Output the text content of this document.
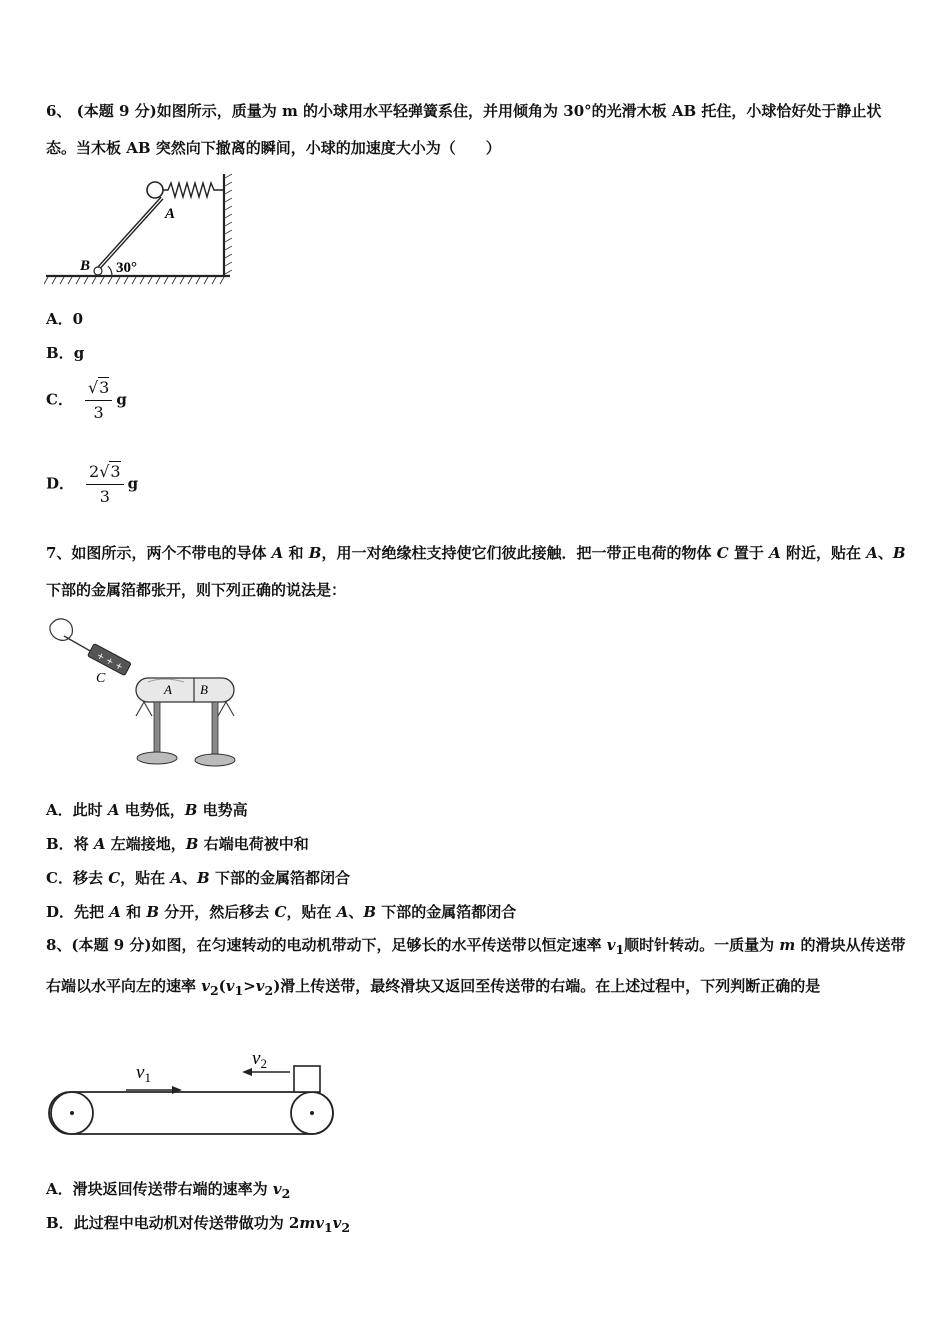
6、 (本题 9 分)如图所示，质量为 m 的小球用水平轻弹簧系住，并用倾角为 30°的光滑木板 AB 托住，小球恰好处于静止状态。当木板 AB 突然向下撤离的瞬间，小球的加速度大小为（　　）
A
B 30°
A．0
B．g
C． $\frac{√3}{3}$ g
D． $\frac{2√3}{3}$ g
7、如图所示，两个不带电的导体 A 和 B，用一对绝缘柱支持使它们彼此接触．把一带正电荷的物体 C 置于 A 附近，贴在 A、B 下部的金属箔都张开，则下列正确的说法是：
+ + +
C
A B
A．此时 A 电势低，B 电势高
B．将 A 左端接地，B 右端电荷被中和
C．移去 C，贴在 A、B 下部的金属箔都闭合
D．先把 A 和 B 分开，然后移去 C，贴在 A、B 下部的金属箔都闭合
8、(本题 9 分)如图，在匀速转动的电动机带动下，足够长的水平传送带以恒定速率 $v_1$顺时针转动。一质量为 m 的滑块从传送带右端以水平向左的速率 $v_2(v_1>v_2)$滑上传送带，最终滑块又返回至传送带的右端。在上述过程中，下列判断正确的是
$v_1$
$v_2$
A．滑块返回传送带右端的速率为 $v_2$
B．此过程中电动机对传送带做功为 $2mv_1v_2$
